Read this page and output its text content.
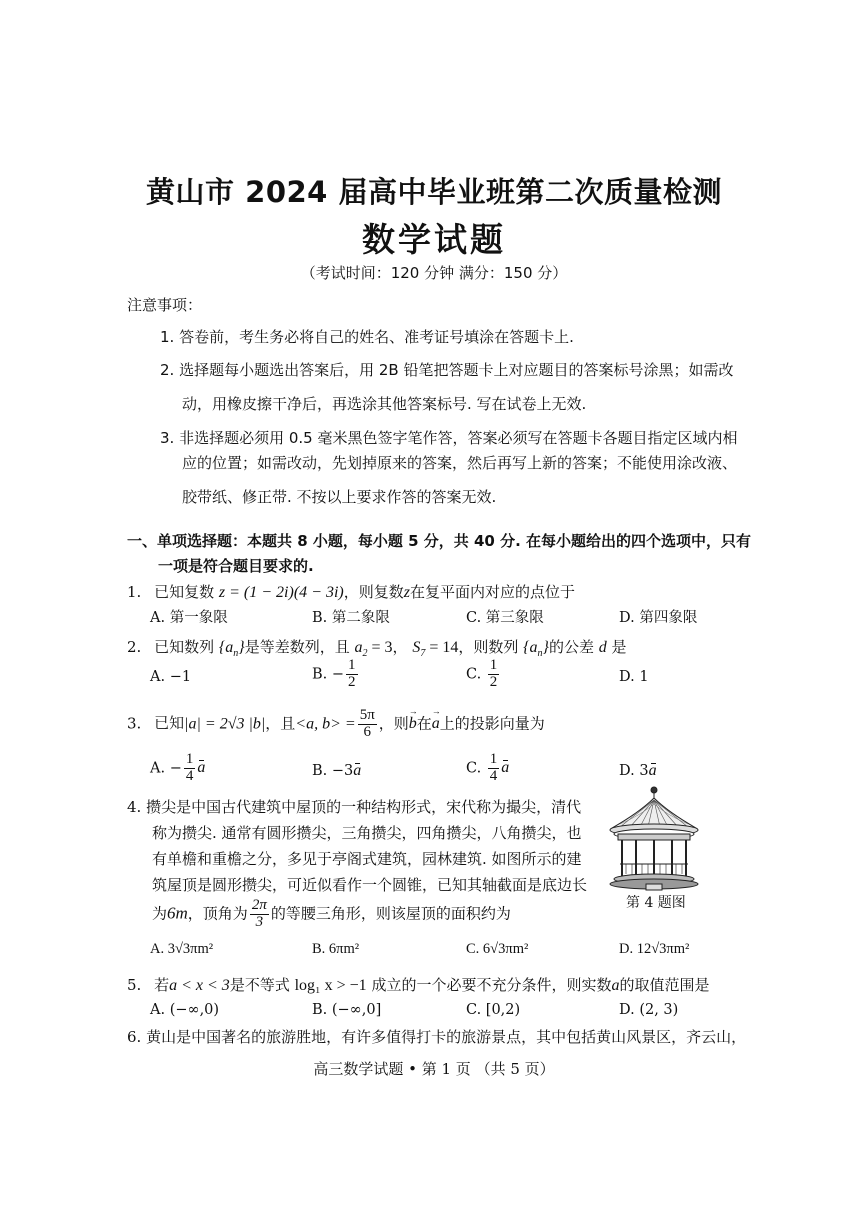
黄山市 2024 届高中毕业班第二次质量检测
数学试题
（考试时间：120 分钟 满分：150 分）
注意事项：
1. 答卷前，考生务必将自己的姓名、准考证号填涂在答题卡上.
2. 选择题每小题选出答案后，用 2B 铅笔把答题卡上对应题目的答案标号涂黑；如需改
动，用橡皮擦干净后，再选涂其他答案标号. 写在试卷上无效.
3. 非选择题必须用 0.5 毫米黑色签字笔作答，答案必须写在答题卡各题目指定区域内相
应的位置；如需改动，先划掉原来的答案，然后再写上新的答案；不能使用涂改液、
胶带纸、修正带. 不按以上要求作答的答案无效.
一、单项选择题：本题共 8 小题，每小题 5 分，共 40 分. 在每小题给出的四个选项中，只有
一项是符合题目要求的.
1. 已知复数 z = (1 − 2i)(4 − 3i)，则复数z在复平面内对应的点位于
A. 第一象限	B. 第二象限	C. 第三象限	D. 第四象限
2. 已知数列 $\{a_n\}$是等差数列，且 $a_2 = 3$， $S_7 = 14$，则数列 $\{a_n\}$的公差 d 是
A. −1	B. − $\frac{1}{2}$	C. $\frac{1}{2}$	D. 1
3. 已知|a| = 2√3 |b|，且<a, $b> = \frac{5\pi}{6}$ ，则→ b在→ a上的投影向量为
A. − $\frac{1}{4}$ a	B. −3a	C. $\frac{1}{4}$ a	D. 3a
4. 攒尖是中国古代建筑中屋顶的一种结构形式，宋代称为撮尖，清代
称为攒尖. 通常有圆形攒尖，三角攒尖，四角攒尖，八角攒尖，也
有单檐和重檐之分，多见于亭阁式建筑，园林建筑. 如图所示的建
筑屋顶是圆形攒尖，可近似看作一个圆锥，已知其轴截面是底边长
为6m，顶角为 $\frac{2\pi}{3}$ 的等腰三角形，则该屋顶的面积约为
第 4 题图
A. 3√3πm²	B. 6πm²	C. 6√3πm²	D. 12√3πm²
5. 若a < x < 3是不等式 log₁ x > −1 成立的一个必要不充分条件，则实数a的取值范围是
A. (−∞,0)	B. (−∞,0]	C. [0,2)	D. (2, 3)
6. 黄山是中国著名的旅游胜地，有许多值得打卡的旅游景点，其中包括黄山风景区，齐云山，
高三数学试题 • 第 1 页 （共 5 页）
